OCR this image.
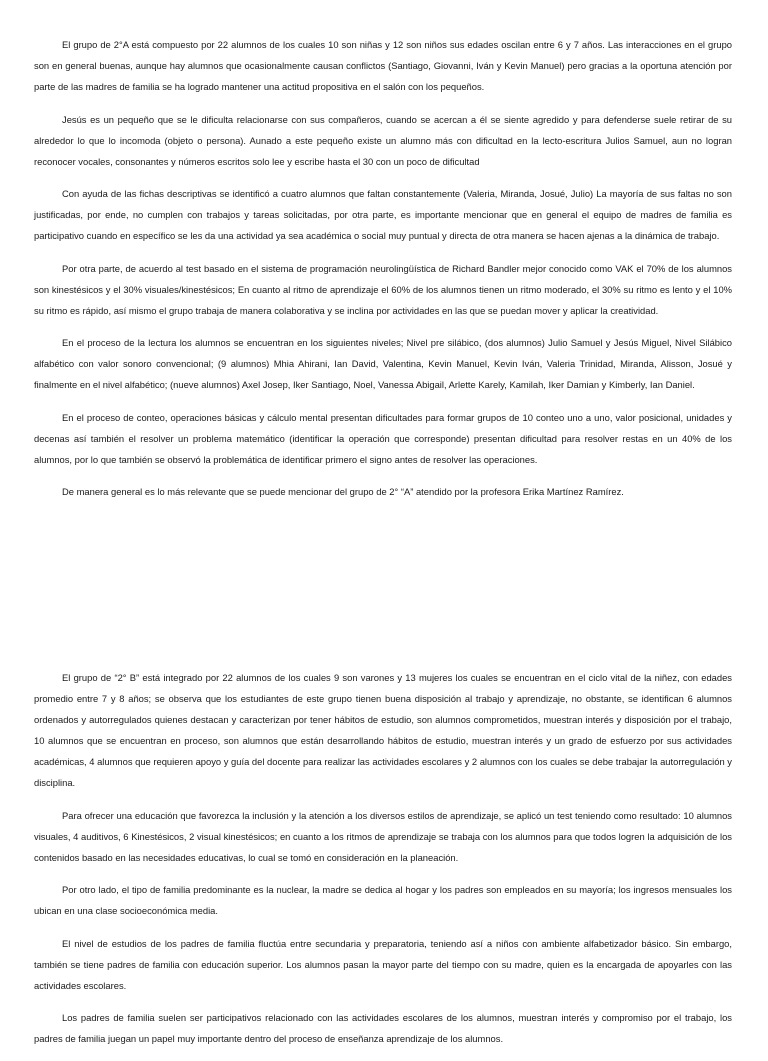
El grupo de 2°A está compuesto por 22 alumnos de los cuales 10 son niñas y 12 son niños sus edades oscilan entre 6 y 7 años. Las interacciones en el grupo son en general buenas, aunque hay alumnos que ocasionalmente causan conflictos (Santiago, Giovanni, Iván y Kevin Manuel) pero gracias a la oportuna atención por parte de las madres de familia se ha logrado mantener una actitud propositiva en el salón con los pequeños.

Jesús es un pequeño que se le dificulta relacionarse con sus compañeros, cuando se acercan a él se siente agredido y para defenderse suele retirar de su alrededor lo que lo incomoda (objeto o persona). Aunado a este pequeño existe un alumno más con dificultad en la lecto-escritura Julios Samuel, aun no logran reconocer vocales, consonantes y números escritos solo lee y escribe hasta el 30 con un poco de dificultad

Con ayuda de las fichas descriptivas se identificó a cuatro alumnos que faltan constantemente (Valeria, Miranda, Josué, Julio) La mayoría de sus faltas no son justificadas, por ende, no cumplen con trabajos y tareas solicitadas, por otra parte, es importante mencionar que en general el equipo de madres de familia es participativo cuando en específico se les da una actividad ya sea académica o social muy puntual y directa de otra manera se hacen ajenas a la dinámica de trabajo.

Por otra parte, de acuerdo al test basado en el sistema de programación neurolingüística de Richard Bandler mejor conocido como VAK el 70% de los alumnos son kinestésicos y el 30% visuales/kinestésicos; En cuanto al ritmo de aprendizaje el 60% de los alumnos tienen un ritmo moderado, el 30% su ritmo es lento y el 10% su ritmo es rápido, así mismo el grupo trabaja de manera colaborativa y se inclina por actividades en las que se puedan mover y aplicar la creatividad.

En el proceso de la lectura los alumnos se encuentran en los siguientes niveles; Nivel pre silábico, (dos alumnos) Julio Samuel y Jesús Miguel, Nivel Silábico alfabético con valor sonoro convencional; (9 alumnos) Mhia Ahirani, Ian David, Valentina, Kevin Manuel, Kevin Iván, Valeria Trinidad, Miranda, Alisson, Josué y finalmente en el nivel alfabético; (nueve alumnos) Axel Josep, Iker Santiago, Noel, Vanessa Abigail, Arlette Karely, Kamilah, Iker Damian y Kimberly, Ian Daniel.

En el proceso de conteo, operaciones básicas y cálculo mental presentan dificultades para formar grupos de 10 conteo uno a uno, valor posicional, unidades y decenas así también el resolver un problema matemático (identificar la operación que corresponde) presentan dificultad para resolver restas en un 40% de los alumnos, por lo que también se observó la problemática de identificar primero el signo antes de resolver las operaciones.

De manera general es lo más relevante que se puede mencionar del grupo de 2° “A” atendido por la profesora Erika Martínez Ramírez.

El grupo de “2° B” está integrado por 22 alumnos de los cuales 9 son varones y 13 mujeres los cuales se encuentran en el ciclo vital de la niñez, con edades promedio entre 7 y 8 años; se observa que los estudiantes de este grupo tienen buena disposición al trabajo y aprendizaje, no obstante, se identifican 6 alumnos ordenados y autorregulados quienes destacan y caracterizan por tener hábitos de estudio, son alumnos comprometidos, muestran interés y disposición por el trabajo, 10 alumnos que se encuentran en proceso, son alumnos que están desarrollando hábitos de estudio, muestran interés y un grado de esfuerzo por sus actividades académicas, 4 alumnos que requieren apoyo y guía del docente para realizar las actividades escolares y 2 alumnos con los cuales se debe trabajar la autorregulación y disciplina.

Para ofrecer una educación que favorezca la inclusión y la atención a los diversos estilos de aprendizaje, se aplicó un test teniendo como resultado: 10 alumnos visuales, 4 auditivos, 6 Kinestésicos, 2 visual kinestésicos; en cuanto a los ritmos de aprendizaje se trabaja con los alumnos para que todos logren la adquisición de los contenidos basado en las necesidades educativas, lo cual se tomó en consideración en la planeación.

Por otro lado, el tipo de familia predominante es la nuclear, la madre se dedica al hogar y los padres son empleados en su mayoría; los ingresos mensuales los ubican en una clase socioeconómica media.

El nivel de estudios de los padres de familia fluctúa entre secundaria y preparatoria, teniendo así a niños con ambiente alfabetizador básico. Sin embargo, también se tiene padres de familia con educación superior. Los alumnos pasan la mayor parte del tiempo con su madre, quien es la encargada de apoyarles con las actividades escolares.

Los padres de familia suelen ser participativos relacionado con las actividades escolares de los alumnos, muestran interés y compromiso por el trabajo, los padres de familia juegan un papel muy importante dentro del proceso de enseñanza aprendizaje de los alumnos.
